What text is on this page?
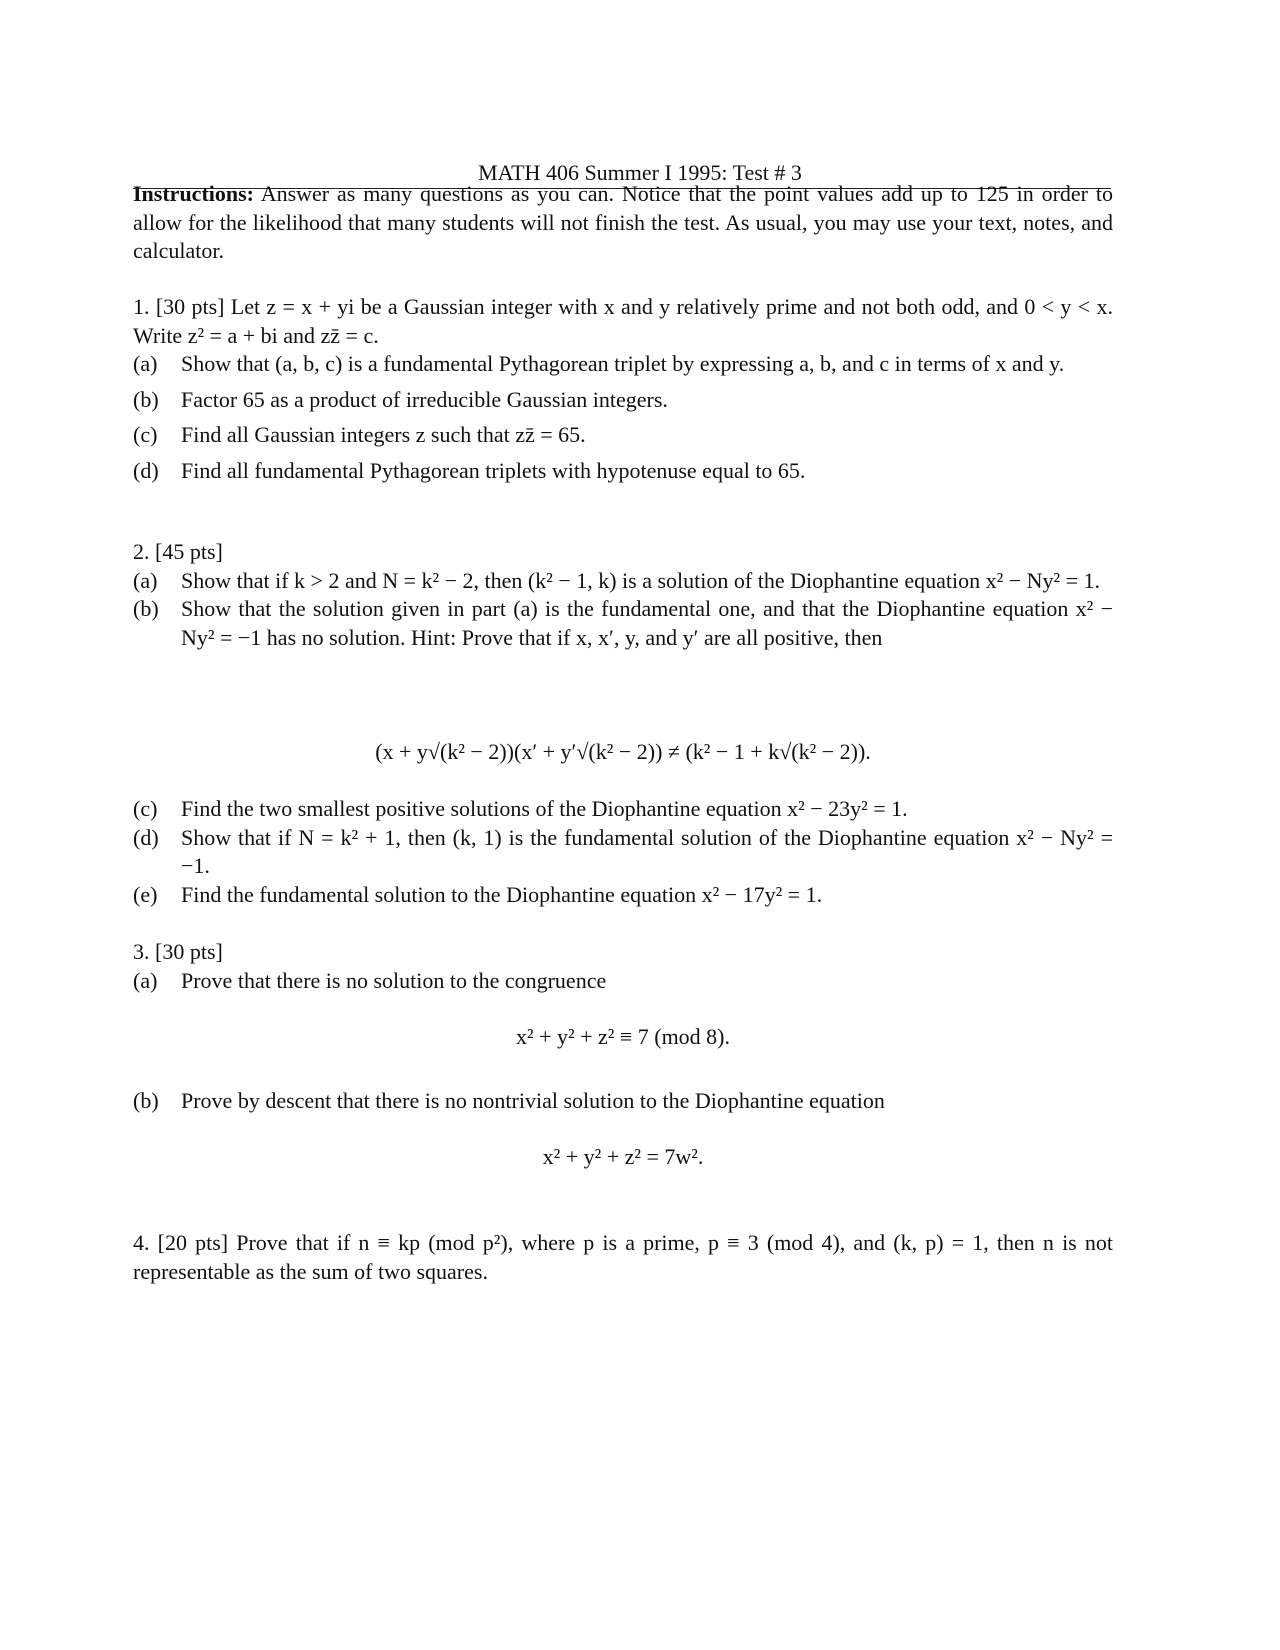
MATH 406 Summer I 1995: Test # 3
Instructions: Answer as many questions as you can. Notice that the point values add up to 125 in order to allow for the likelihood that many students will not finish the test. As usual, you may use your text, notes, and calculator.
1. [30 pts] Let z = x + yi be a Gaussian integer with x and y relatively prime and not both odd, and 0 < y < x. Write z² = a + bi and zz̄ = c.
(a) Show that (a, b, c) is a fundamental Pythagorean triplet by expressing a, b, and c in terms of x and y.
(b) Factor 65 as a product of irreducible Gaussian integers.
(c) Find all Gaussian integers z such that zz̄ = 65.
(d) Find all fundamental Pythagorean triplets with hypotenuse equal to 65.
2. [45 pts]
(a) Show that if k > 2 and N = k² − 2, then (k² − 1, k) is a solution of the Diophantine equation x² − Ny² = 1.
(b) Show that the solution given in part (a) is the fundamental one, and that the Diophantine equation x² − Ny² = −1 has no solution. Hint: Prove that if x, x′, y, and y′ are all positive, then
(x + y√(k² − 2))(x′ + y′√(k² − 2)) ≠ (k² − 1 + k√(k² − 2)).
(c) Find the two smallest positive solutions of the Diophantine equation x² − 23y² = 1.
(d) Show that if N = k² + 1, then (k, 1) is the fundamental solution of the Diophantine equation x² − Ny² = −1.
(e) Find the fundamental solution to the Diophantine equation x² − 17y² = 1.
3. [30 pts]
(a) Prove that there is no solution to the congruence
x² + y² + z² ≡ 7 (mod 8).
(b) Prove by descent that there is no nontrivial solution to the Diophantine equation
x² + y² + z² = 7w².
4. [20 pts] Prove that if n ≡ kp (mod p²), where p is a prime, p ≡ 3 (mod 4), and (k, p) = 1, then n is not representable as the sum of two squares.
